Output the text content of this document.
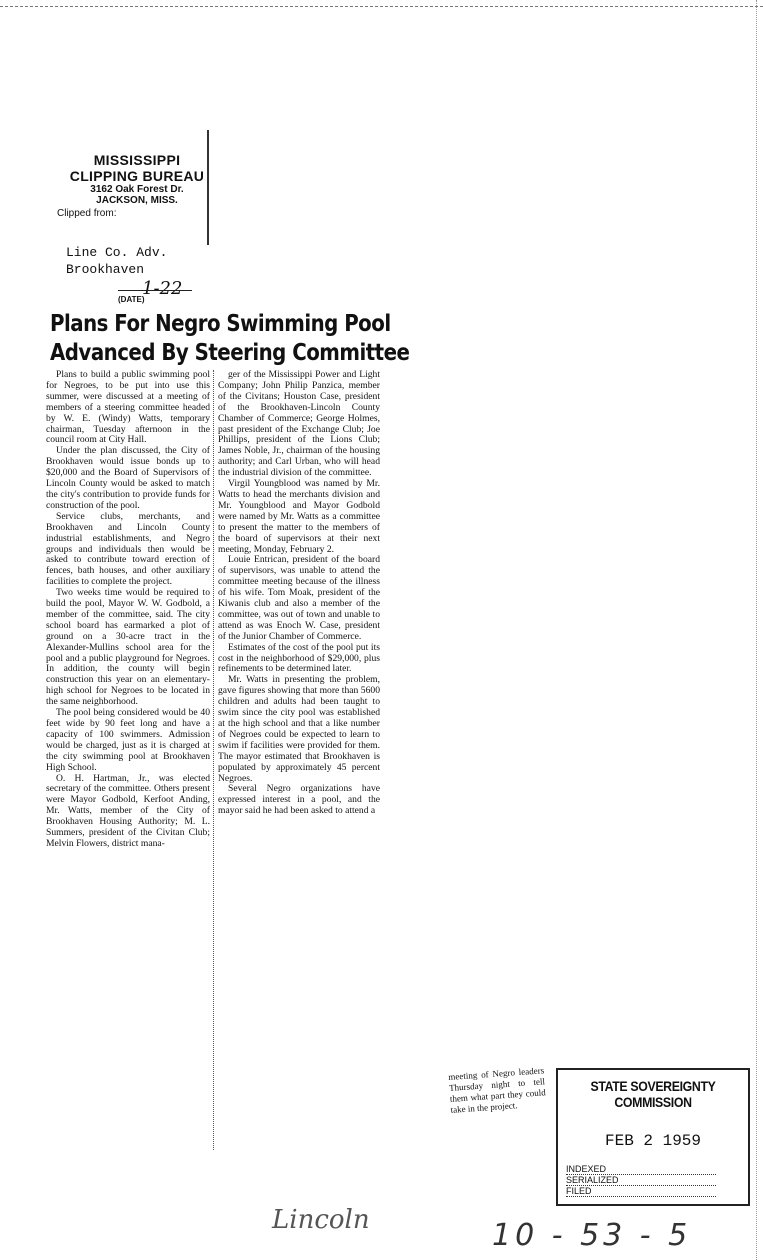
MISSISSIPPI
CLIPPING BUREAU
3162 Oak Forest Dr.
JACKSON, MISS.
Clipped from:
Line Co. Adv.
Brookhaven
1-22
(DATE)
Plans For Negro Swimming Pool
Advanced By Steering Committee

Plans to build a public swimming pool for Negroes, to be put into use this summer, were discussed at a meeting of members of a steering committee headed by W. E. (Windy) Watts, temporary chairman, Tuesday afternoon in the council room at City Hall.

Under the plan discussed, the City of Brookhaven would issue bonds up to $20,000 and the Board of Supervisors of Lincoln County would be asked to match the city's contribution to provide funds for construction of the pool.

Service clubs, merchants, and Brookhaven and Lincoln County industrial establishments, and Negro groups and individuals then would be asked to contribute toward erection of fences, bath houses, and other auxiliary facilities to complete the project.

Two weeks time would be required to build the pool, Mayor W. W. Godbold, a member of the committee, said. The city school board has earmarked a plot of ground on a 30-acre tract in the Alexander-Mullins school area for the pool and a public playground for Negroes. In addition, the county will begin construction this year on an elementary-high school for Negroes to be located in the same neighborhood.

The pool being considered would be 40 feet wide by 90 feet long and have a capacity of 100 swimmers. Admission would be charged, just as it is charged at the city swimming pool at Brookhaven High School.

O. H. Hartman, Jr., was elected secretary of the committee. Others present were Mayor Godbold, Kerfoot Anding, Mr. Watts, member of the City of Brookhaven Housing Authority; M. L. Summers, president of the Civitan Club; Melvin Flowers, district mana-

ger of the Mississippi Power and Light Company; John Philip Panzica, member of the Civitans; Houston Case, president of the Brookhaven-Lincoln County Chamber of Commerce; George Holmes, past president of the Exchange Club; Joe Phillips, president of the Lions Club; James Noble, Jr., chairman of the housing authority; and Carl Urban, who will head the industrial division of the committee.

Virgil Youngblood was named by Mr. Watts to head the merchants division and Mr. Youngblood and Mayor Godbold were named by Mr. Watts as a committee to present the matter to the members of the board of supervisors at their next meeting, Monday, February 2.

Louie Entrican, president of the board of supervisors, was unable to attend the committee meeting because of the illness of his wife. Tom Moak, president of the Kiwanis club and also a member of the committee, was out of town and unable to attend as was Enoch W. Case, president of the Junior Chamber of Commerce.

Estimates of the cost of the pool put its cost in the neighborhood of $29,000, plus refinements to be determined later.

Mr. Watts in presenting the problem, gave figures showing that more than 5600 children and adults had been taught to swim since the city pool was established at the high school and that a like number of Negroes could be expected to learn to swim if facilities were provided for them. The mayor estimated that Brookhaven is populated by approximately 45 percent Negroes.

Several Negro organizations have expressed interest in a pool, and the mayor said he had been asked to attend a

meeting of Negro leaders Thursday night to tell them what part they could take in the project.
STATE SOVEREIGNTY COMMISSION
FEB 2 1959
INDEXED
SERIALIZED
FILED
Lincoln	10 - 53 - 5
